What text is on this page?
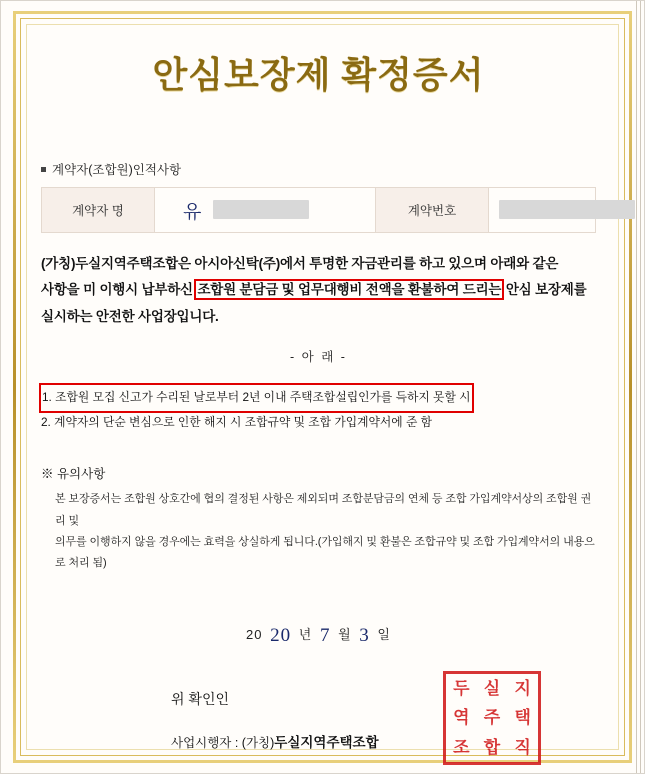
안심보장제 확정증서
계약자(조합원)인적사항
계약자 명	유	계약번호	
(가칭)두실지역주택조합은 아시아신탁(주)에서 투명한 자금관리를 하고 있으며 아래와 같은
사항을 미 이행시 납부하신 조합원 분담금 및 업무대행비 전액을 환불하여 드리는 안심 보장제를
실시하는 안전한 사업장입니다.
- 아 래 -
1. 조합원 모집 신고가 수리된 날로부터 2년 이내 주택조합설립인가를 득하지 못할 시
2. 계약자의 단순 변심으로 인한 해지 시 조합규약 및 조합 가입계약서에 준 함
※ 유의사항
본 보장증서는 조합원 상호간에 협의 결정된 사항은 제외되며 조합분담금의 연체 등 조합 가입계약서상의 조합원 권리 및
의무를 이행하지 않을 경우에는 효력을 상실하게 됩니다.(가입해지 및 환불은 조합규약 및 조합 가입계약서의 내용으로 처리 됨)
20 20 년 7 월 3 일
위 확인인
사업시행자 : (가칭)두실지역주택조합
두 실 지
역 주 택
조 합 직
